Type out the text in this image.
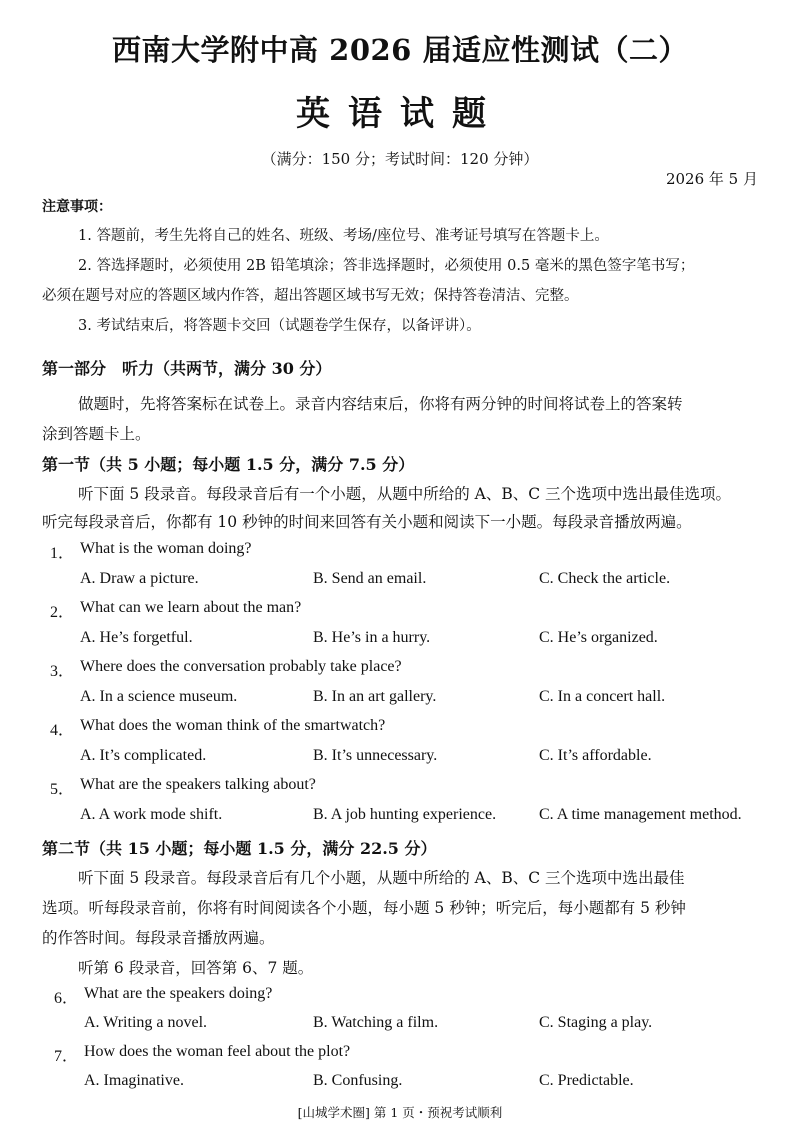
西南大学附中高 2026 届适应性测试（二）
英语试题
（满分：150 分；考试时间：120 分钟）
2026 年 5 月
注意事项：
1. 答题前，考生先将自己的姓名、班级、考场/座位号、准考证号填写在答题卡上。
2. 答选择题时，必须使用 2B 铅笔填涂；答非选择题时，必须使用 0.5 毫米的黑色签字笔书写；
必须在题号对应的答题区域内作答，超出答题区域书写无效；保持答卷清洁、完整。
3. 考试结束后，将答题卡交回（试题卷学生保存，以备评讲）。
第一部分　听力（共两节，满分 30 分）
做题时，先将答案标在试卷上。录音内容结束后，你将有两分钟的时间将试卷上的答案转
涂到答题卡上。
第一节（共 5 小题；每小题 1.5 分，满分 7.5 分）
听下面 5 段录音。每段录音后有一个小题，从题中所给的 A、B、C 三个选项中选出最佳选项。
听完每段录音后，你都有 10 秒钟的时间来回答有关小题和阅读下一小题。每段录音播放两遍。
1． What is the woman doing?
A. Draw a picture.	B. Send an email.	C. Check the article.
2． What can we learn about the man?
A. He’s forgetful.	B. He’s in a hurry.	C. He’s organized.
3． Where does the conversation probably take place?
A. In a science museum.	B. In an art gallery.	C. In a concert hall.
4． What does the woman think of the smartwatch?
A. It’s complicated.	B. It’s unnecessary.	C. It’s affordable.
5． What are the speakers talking about?
A. A work mode shift.	B. A job hunting experience.	C. A time management method.
第二节（共 15 小题；每小题 1.5 分，满分 22.5 分）
听下面 5 段录音。每段录音后有几个小题，从题中所给的 A、B、C 三个选项中选出最佳
选项。听每段录音前，你将有时间阅读各个小题，每小题 5 秒钟；听完后，每小题都有 5 秒钟
的作答时间。每段录音播放两遍。
听第 6 段录音，回答第 6、7 题。
6． What are the speakers doing?
A. Writing a novel.	B. Watching a film.	C. Staging a play.
7． How does the woman feel about the plot?
A. Imaginative.	B. Confusing.	C. Predictable.
[山城学术圈] 第 1 页・预祝考试顺利
